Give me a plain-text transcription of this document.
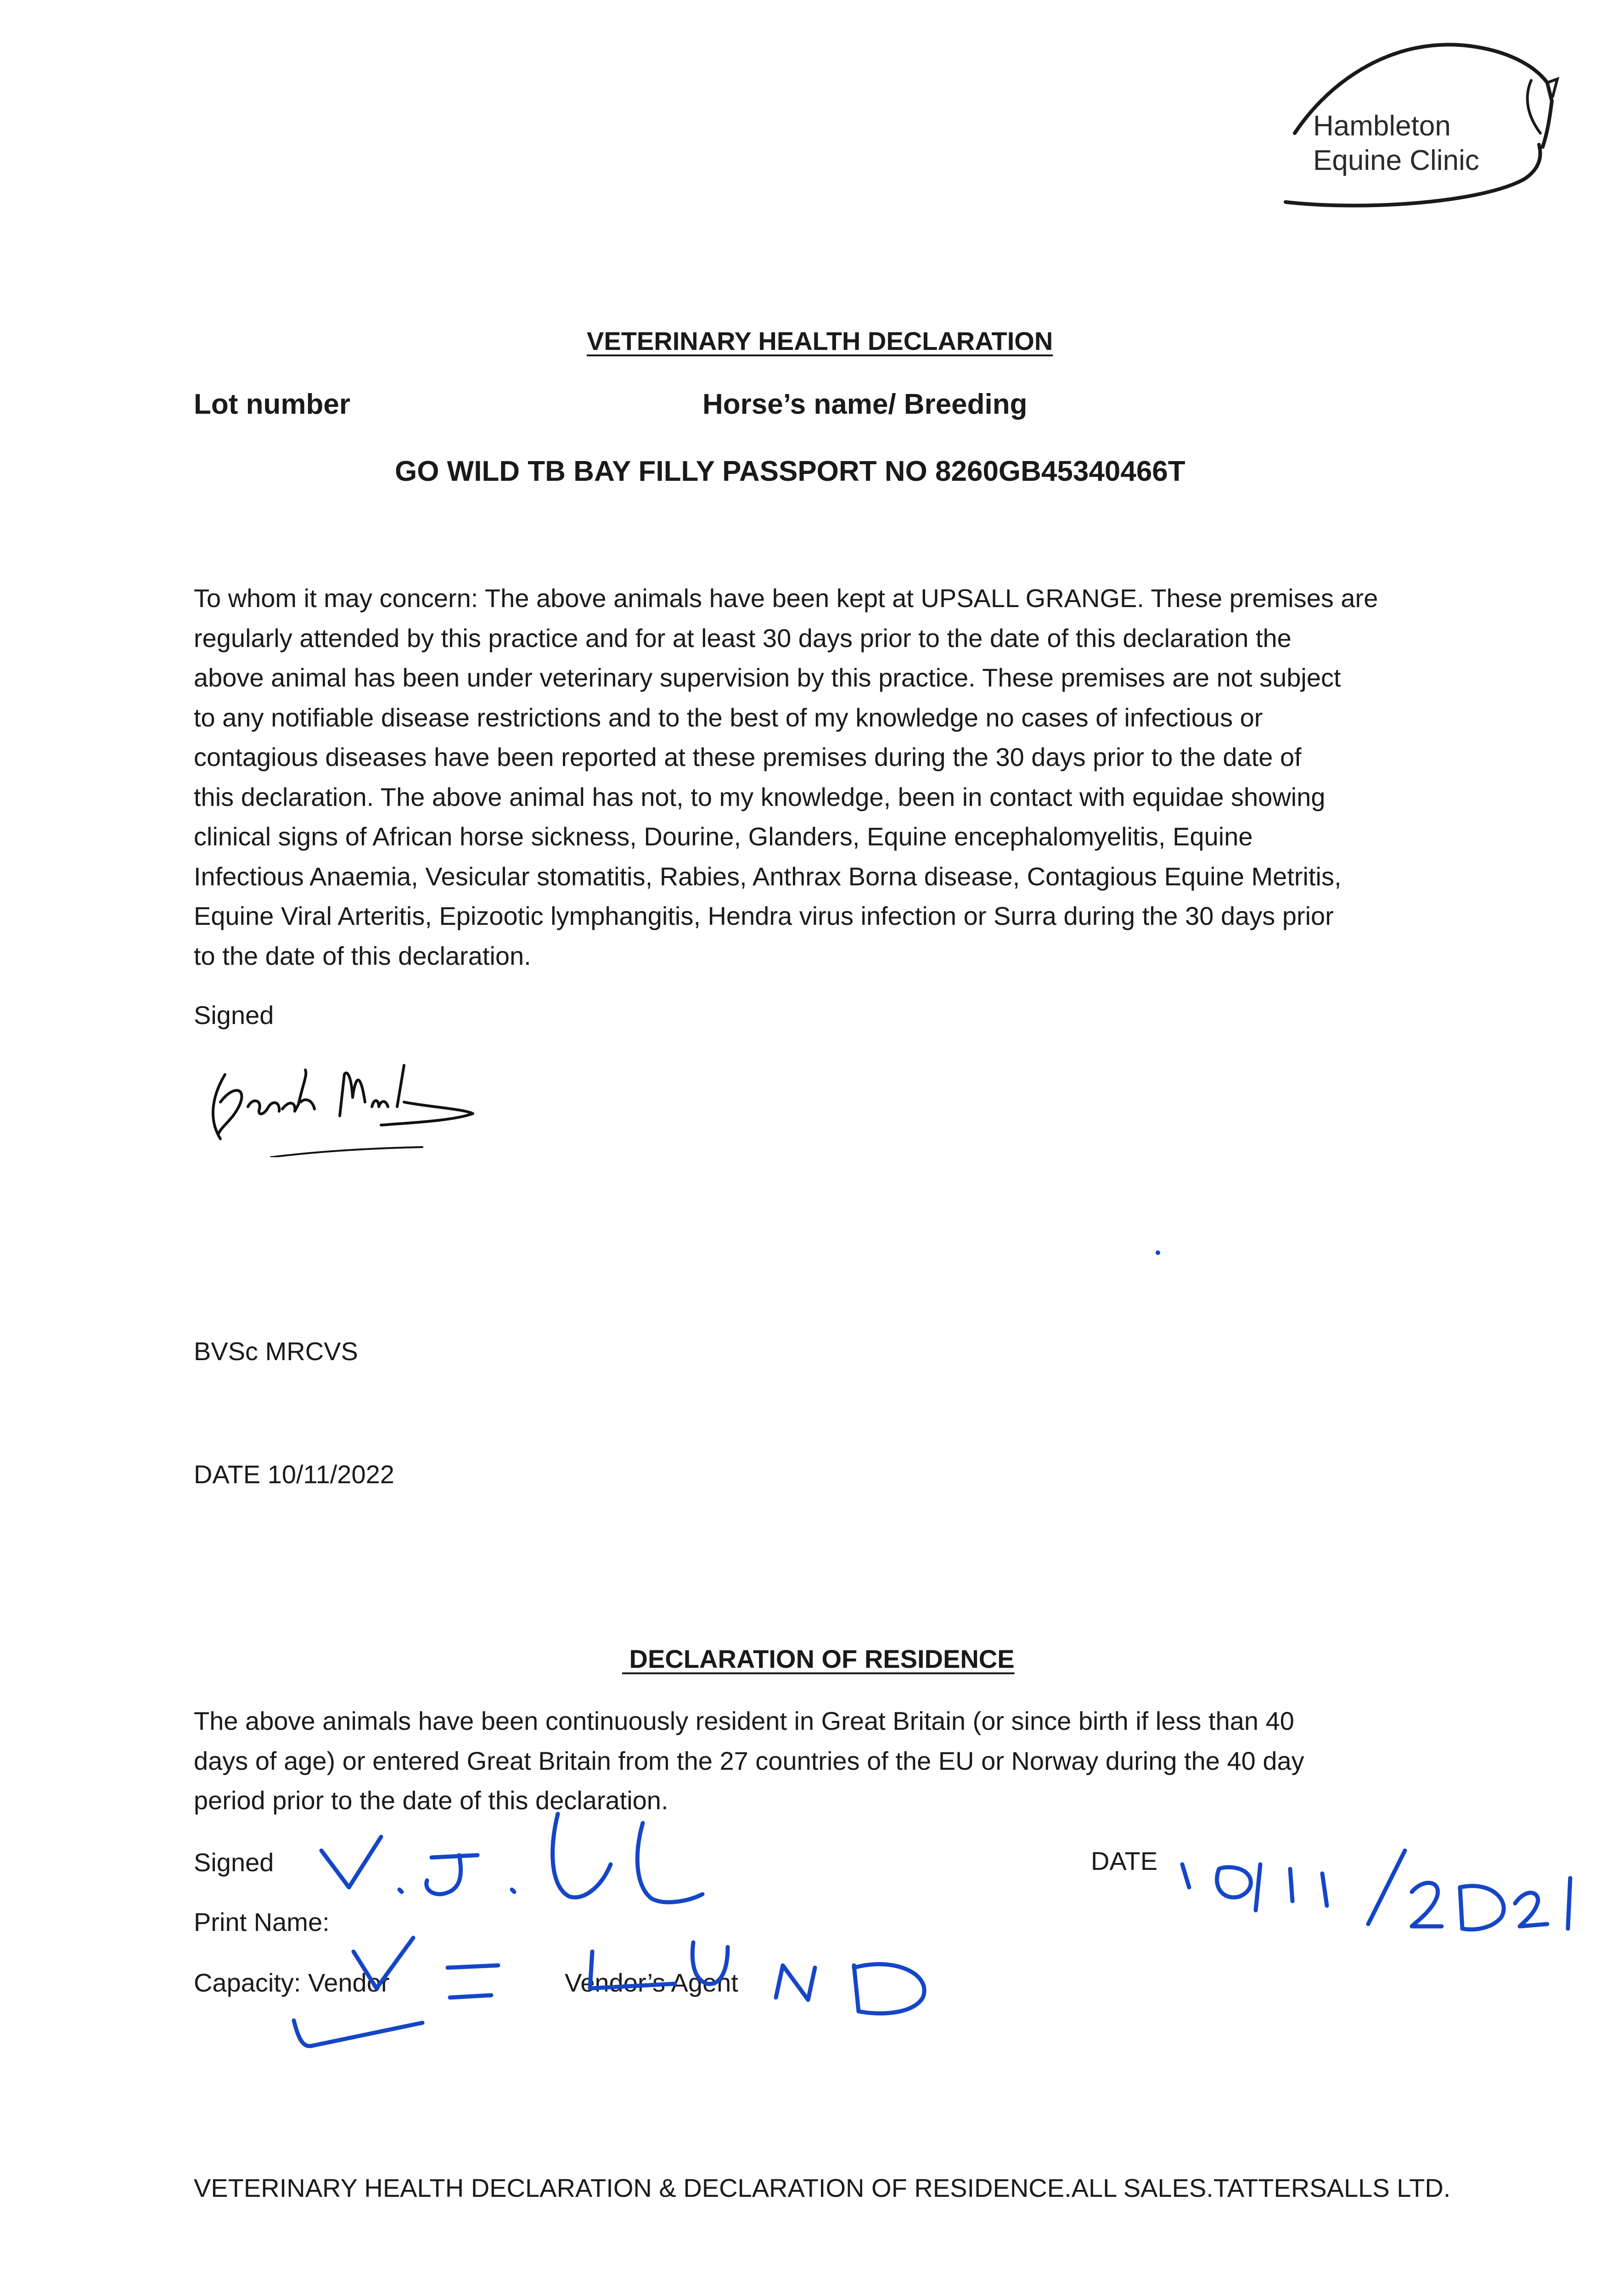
Hambleton
Equine Clinic
VETERINARY HEALTH DECLARATION
Lot number	Horse’s name/ Breeding
GO WILD TB BAY FILLY PASSPORT NO 8260GB45340466T
To whom it may concern: The above animals have been kept at UPSALL GRANGE. These premises are
regularly attended by this practice and for at least 30 days prior to the date of this declaration the
above animal has been under veterinary supervision by this practice. These premises are not subject
to any notifiable disease restrictions and to the best of my knowledge no cases of infectious or
contagious diseases have been reported at these premises during the 30 days prior to the date of
this declaration. The above animal has not, to my knowledge, been in contact with equidae showing
clinical signs of African horse sickness, Dourine, Glanders, Equine encephalomyelitis, Equine
Infectious Anaemia, Vesicular stomatitis, Rabies, Anthrax Borna disease, Contagious Equine Metritis,
Equine Viral Arteritis, Epizootic lymphangitis, Hendra virus infection or Surra during the 30 days prior
to the date of this declaration.
Signed
BVSc MRCVS
DATE 10/11/2022
DECLARATION OF RESIDENCE
The above animals have been continuously resident in Great Britain (or since birth if less than 40
days of age) or entered Great Britain from the 27 countries of the EU or Norway during the 40 day
period prior to the date of this declaration.
Signed	DATE
Print Name:
Capacity: Vendor	Vendor’s Agent
VETERINARY HEALTH DECLARATION & DECLARATION OF RESIDENCE.ALL SALES.TATTERSALLS LTD.
